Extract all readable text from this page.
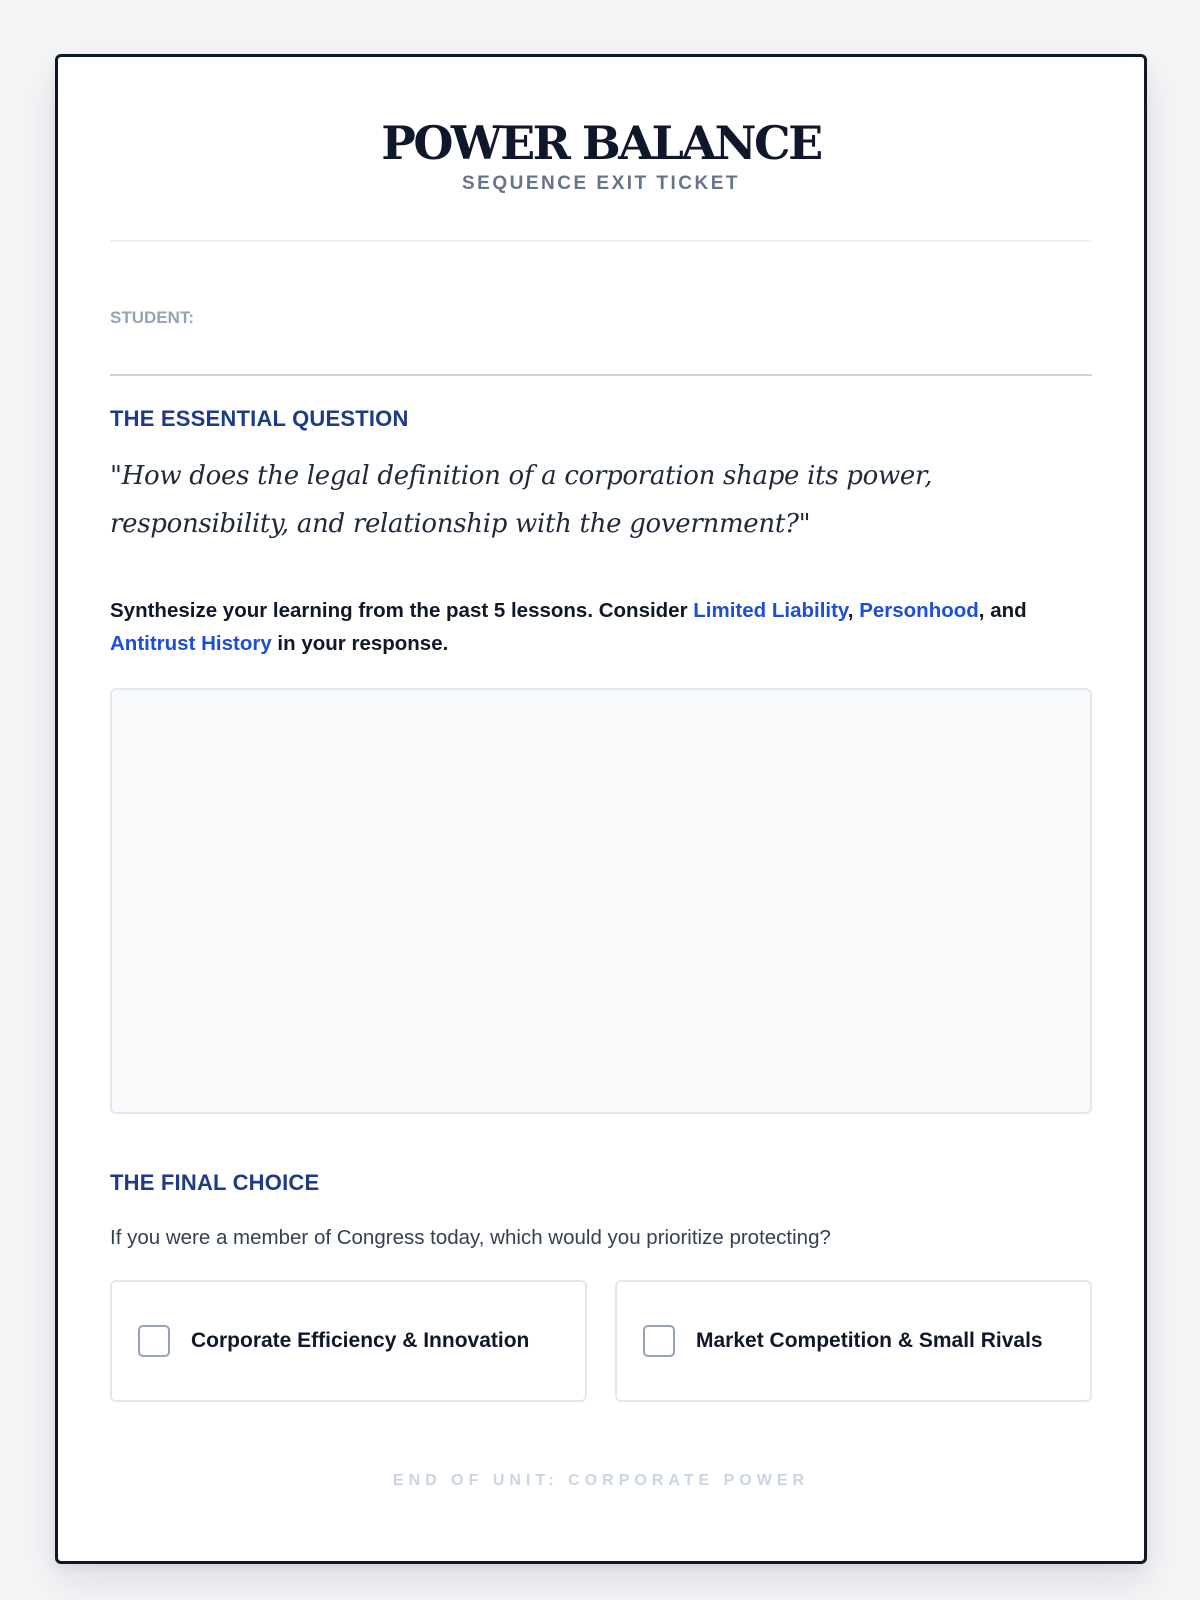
POWER BALANCE
SEQUENCE EXIT TICKET
STUDENT:
THE ESSENTIAL QUESTION

"How does the legal definition of a corporation shape its power, responsibility, and relationship with the government?"

Synthesize your learning from the past 5 lessons. Consider Limited Liability, Personhood, and Antitrust History in your response.

THE FINAL CHOICE

If you were a member of Congress today, which would you prioritize protecting?

Corporate Efficiency & Innovation	Market Competition & Small Rivals
END OF UNIT: CORPORATE POWER
